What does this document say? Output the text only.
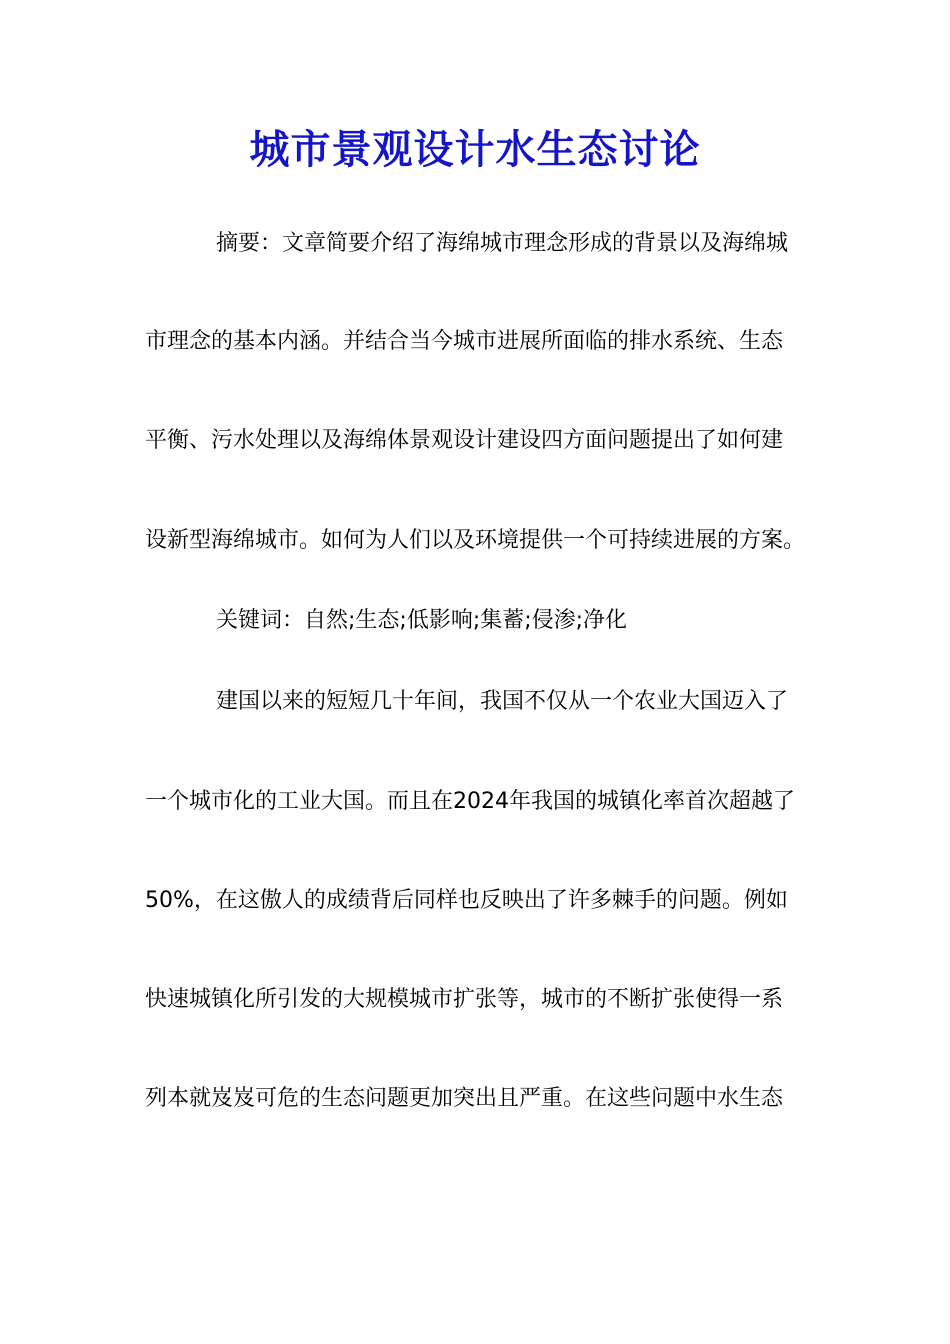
城市景观设计水生态讨论
摘要：文章简要介绍了海绵城市理念形成的背景以及海绵城
市理念的基本内涵。并结合当今城市进展所面临的排水系统、生态
平衡、污水处理以及海绵体景观设计建设四方面问题提出了如何建
设新型海绵城市。如何为人们以及环境提供一个可持续进展的方案。
关键词：自然;生态;低影响;集蓄;侵渗;净化
建国以来的短短几十年间，我国不仅从一个农业大国迈入了
一个城市化的工业大国。而且在2024年我国的城镇化率首次超越了
50%，在这傲人的成绩背后同样也反映出了许多棘手的问题。例如
快速城镇化所引发的大规模城市扩张等，城市的不断扩张使得一系
列本就岌岌可危的生态问题更加突出且严重。在这些问题中水生态
